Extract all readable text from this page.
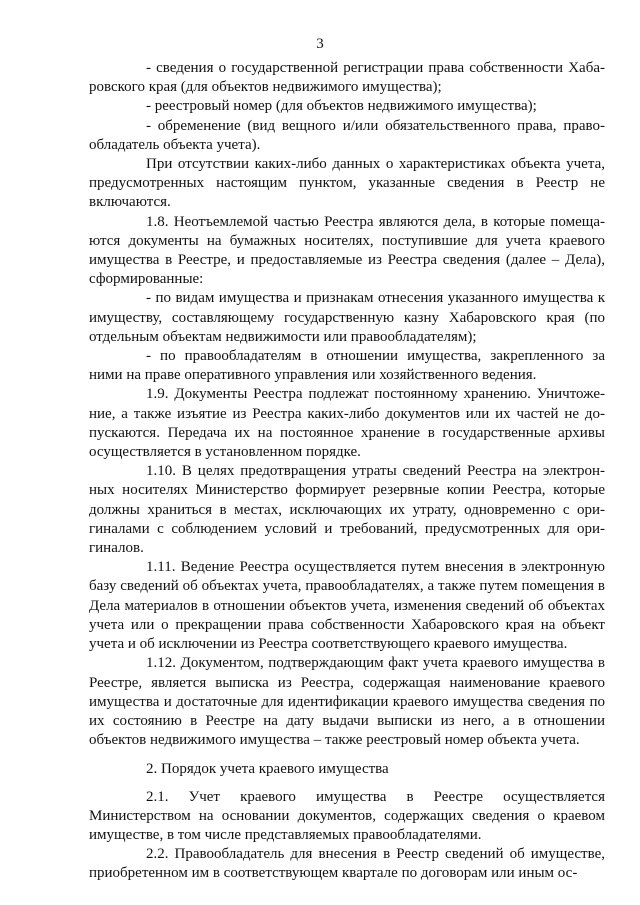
3

- сведения о государственной регистрации права собственности Хабаровского края (для объектов недвижимого имущества);

- реестровый номер (для объектов недвижимого имущества);

- обременение (вид вещного и/или обязательственного права, правообладатель объекта учета).

При отсутствии каких-либо данных о характеристиках объекта учета, предусмотренных настоящим пунктом, указанные сведения в Реестр не включаются.

1.8. Неотъемлемой частью Реестра являются дела, в которые помещаются документы на бумажных носителях, поступившие для учета краевого имущества в Реестре, и предоставляемые из Реестра сведения (далее – Дела), сформированные:

- по видам имущества и признакам отнесения указанного имущества к имуществу, составляющему государственную казну Хабаровского края (по отдельным объектам недвижимости или правообладателям);

- по правообладателям в отношении имущества, закрепленного за ними на праве оперативного управления или хозяйственного ведения.

1.9. Документы Реестра подлежат постоянному хранению. Уничтожение, а также изъятие из Реестра каких-либо документов или их частей не допускаются. Передача их на постоянное хранение в государственные архивы осуществляется в установленном порядке.

1.10. В целях предотвращения утраты сведений Реестра на электронных носителях Министерство формирует резервные копии Реестра, которые должны храниться в местах, исключающих их утрату, одновременно с оригиналами с соблюдением условий и требований, предусмотренных для оригиналов.

1.11. Ведение Реестра осуществляется путем внесения в электронную базу сведений об объектах учета, правообладателях, а также путем помещения в Дела материалов в отношении объектов учета, изменения сведений об объектах учета или о прекращении права собственности Хабаровского края на объект учета и об исключении из Реестра соответствующего краевого имущества.

1.12. Документом, подтверждающим факт учета краевого имущества в Реестре, является выписка из Реестра, содержащая наименование краевого имущества и достаточные для идентификации краевого имущества сведения по их состоянию в Реестре на дату выдачи выписки из него, а в отношении объектов недвижимого имущества – также реестровый номер объекта учета.

2. Порядок учета краевого имущества

2.1. Учет краевого имущества в Реестре осуществляется Министерством на основании документов, содержащих сведения о краевом имуществе, в том числе представляемых правообладателями.

2.2. Правообладатель для внесения в Реестр сведений об имуществе, приобретенном им в соответствующем квартале по договорам или иным ос-
